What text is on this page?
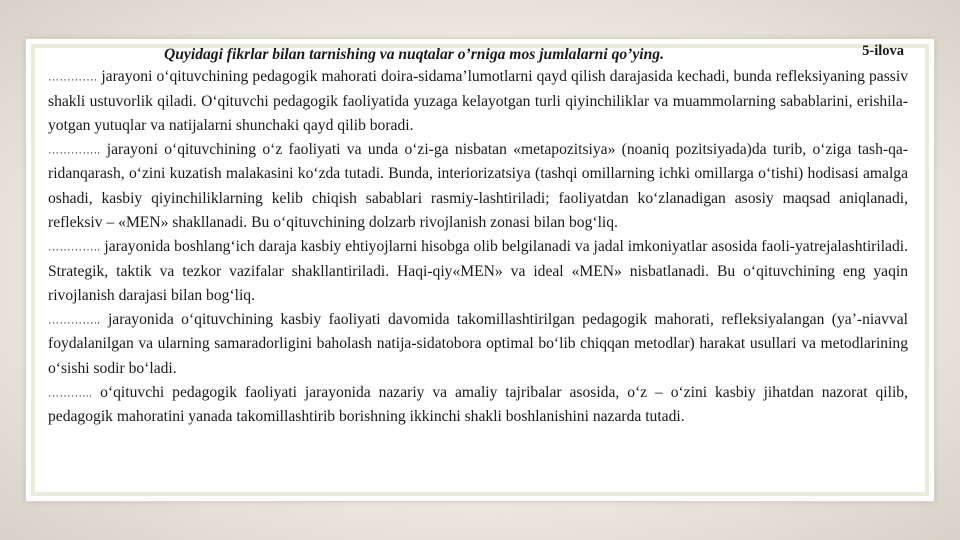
Quyidagi fikrlar bilan tarnishing va nuqtalar o’rniga mos jumlalarni qo’ying.	5-ilova

…………. jarayoni o‘qituvchining pedagogik mahorati doira-sidama’lumotlarni qayd qilish darajasida kechadi, bunda refleksiyaning passiv shakli ustuvorlik qiladi. O‘qituvchi pedagogik faoliyatida yuzaga kelayotgan turli qiyinchiliklar va muammolarning sabablarini, erishila-yotgan yutuqlar va natijalarni shunchaki qayd qilib boradi.

………….. jarayoni o‘qituvchining o‘z faoliyati va unda o‘zi-ga nisbatan «metapozitsiya» (noaniq pozitsiyada)da turib, o‘ziga tash-qa-ridanqarash, o‘zini kuzatish malakasini ko‘zda tutadi. Bunda, interiorizatsiya (tashqi omillarning ichki omillarga o‘tishi) hodisasi amalga oshadi, kasbiy qiyinchiliklarning kelib chiqish sabablari rasmiy-lashtiriladi; faoliyatdan ko‘zlanadigan asosiy maqsad aniqlanadi, refleksiv – «MEN» shakllanadi. Bu o‘qituvchining dolzarb rivojlanish zonasi bilan bog‘liq.

………….. jarayonida boshlang‘ich daraja kasbiy ehtiyojlarni hisobga olib belgilanadi va jadal imkoniyatlar asosida faoli-yatrejalashtiriladi. Strategik, taktik va tezkor vazifalar shakllantiriladi. Haqi-qiy«MEN» va ideal «MEN» nisbatlanadi. Bu o‘qituvchining eng yaqin rivojlanish darajasi bilan bog‘liq.

………….. jarayonida o‘qituvchining kasbiy faoliyati davomida takomillashtirilgan pedagogik mahorati, refleksiyalangan (ya’-niavval foydalanilgan va ularning samaradorligini baholash natija-sidatobora optimal bo‘lib chiqqan metodlar) harakat usullari va metodlarining o‘sishi sodir bo‘ladi.

………... o‘qituvchi pedagogik faoliyati jarayonida nazariy va amaliy tajribalar asosida, o‘z – o‘zini kasbiy jihatdan nazorat qilib, pedagogik mahoratini yanada takomillashtirib borishning ikkinchi shakli boshlanishini nazarda tutadi.
